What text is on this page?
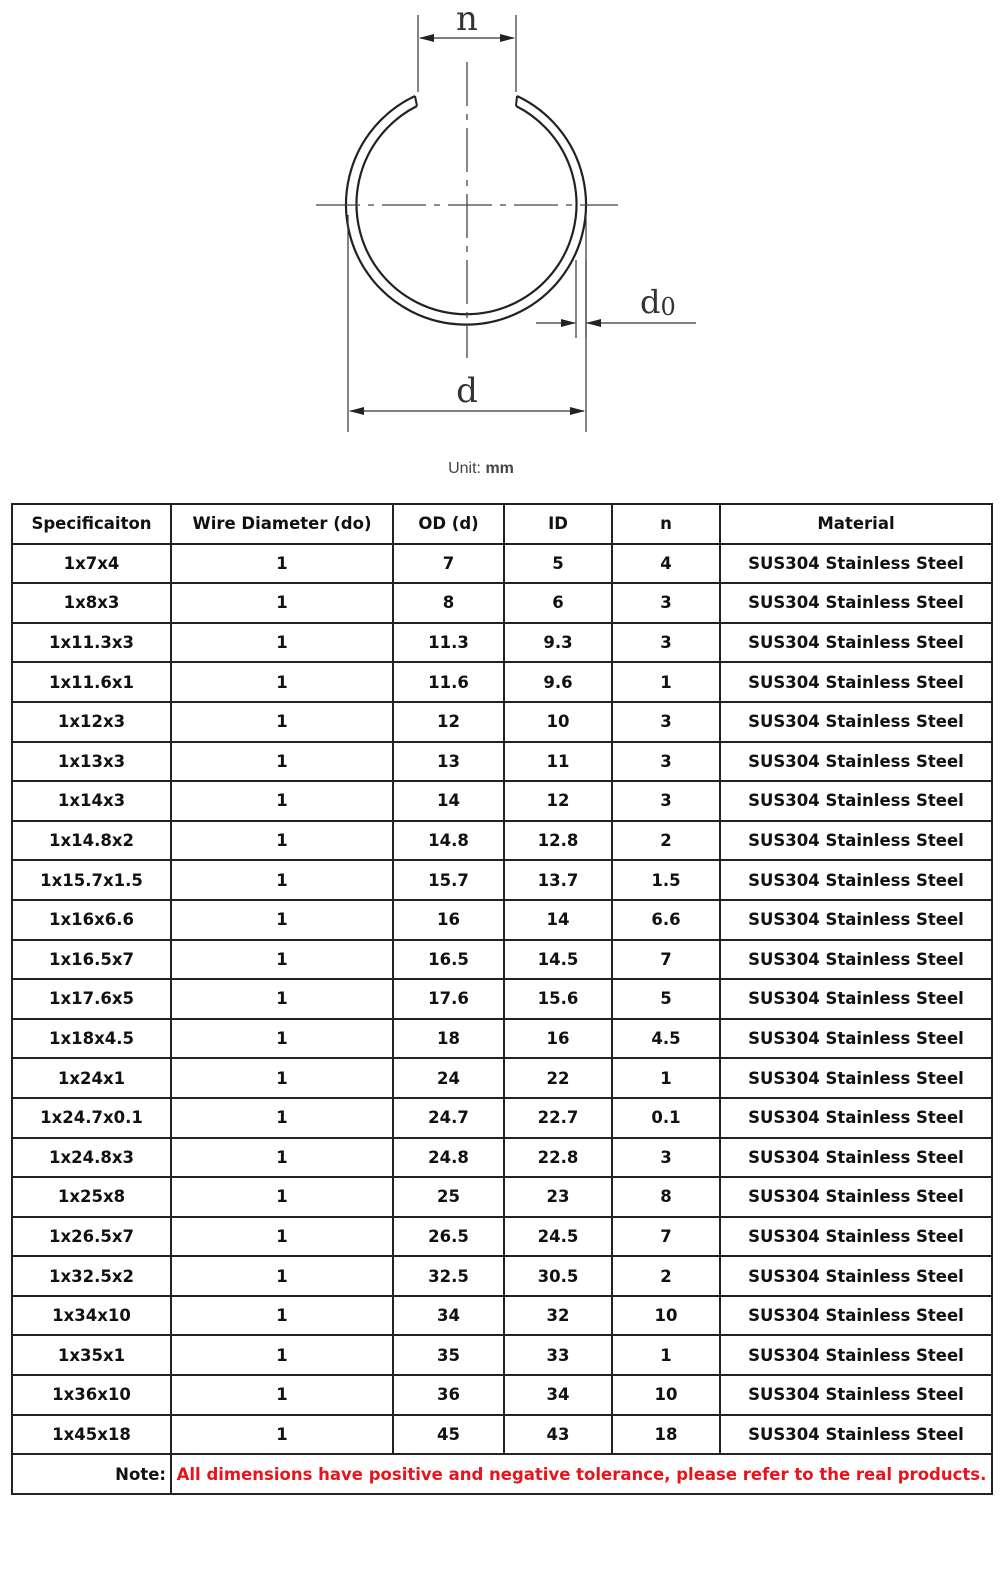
n
d
d0
Unit: mm
Specificaiton	Wire Diameter (do)	OD (d)	ID	n	Material
1x7x4	1	7	5	4	SUS304 Stainless Steel
1x8x3	1	8	6	3	SUS304 Stainless Steel
1x11.3x3	1	11.3	9.3	3	SUS304 Stainless Steel
1x11.6x1	1	11.6	9.6	1	SUS304 Stainless Steel
1x12x3	1	12	10	3	SUS304 Stainless Steel
1x13x3	1	13	11	3	SUS304 Stainless Steel
1x14x3	1	14	12	3	SUS304 Stainless Steel
1x14.8x2	1	14.8	12.8	2	SUS304 Stainless Steel
1x15.7x1.5	1	15.7	13.7	1.5	SUS304 Stainless Steel
1x16x6.6	1	16	14	6.6	SUS304 Stainless Steel
1x16.5x7	1	16.5	14.5	7	SUS304 Stainless Steel
1x17.6x5	1	17.6	15.6	5	SUS304 Stainless Steel
1x18x4.5	1	18	16	4.5	SUS304 Stainless Steel
1x24x1	1	24	22	1	SUS304 Stainless Steel
1x24.7x0.1	1	24.7	22.7	0.1	SUS304 Stainless Steel
1x24.8x3	1	24.8	22.8	3	SUS304 Stainless Steel
1x25x8	1	25	23	8	SUS304 Stainless Steel
1x26.5x7	1	26.5	24.5	7	SUS304 Stainless Steel
1x32.5x2	1	32.5	30.5	2	SUS304 Stainless Steel
1x34x10	1	34	32	10	SUS304 Stainless Steel
1x35x1	1	35	33	1	SUS304 Stainless Steel
1x36x10	1	36	34	10	SUS304 Stainless Steel
1x45x18	1	45	43	18	SUS304 Stainless Steel
Note:	All dimensions have positive and negative tolerance, please refer to the real products.				
